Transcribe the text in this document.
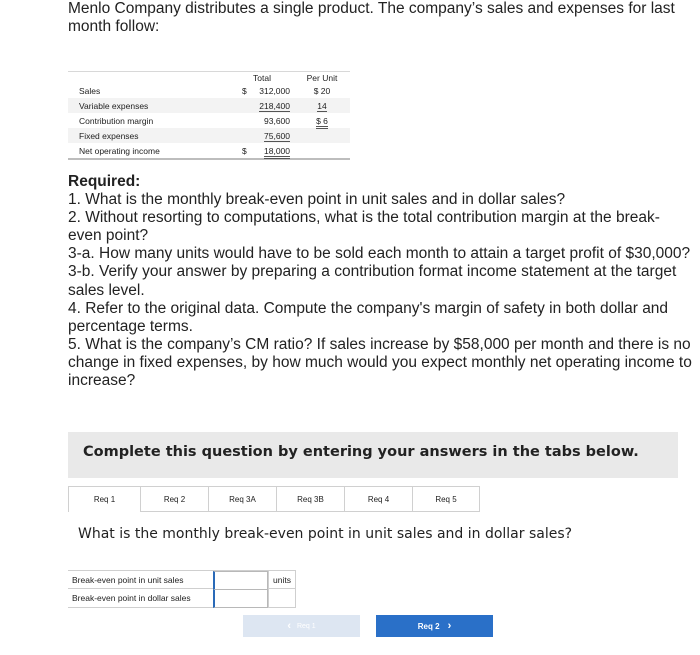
Menlo Company distributes a single product. The company’s sales and expenses for last month follow:
Total	Per Unit
Sales	$ 312,000	$ 20
Variable expenses	218,400	14
Contribution margin	93,600	$ 6
Fixed expenses	75,600
Net operating income	$ 18,000
Required:
1. What is the monthly break-even point in unit sales and in dollar sales?
2. Without resorting to computations, what is the total contribution margin at the break-even point?
3-a. How many units would have to be sold each month to attain a target profit of $30,000?
3-b. Verify your answer by preparing a contribution format income statement at the target sales level.
4. Refer to the original data. Compute the company's margin of safety in both dollar and percentage terms.
5. What is the company’s CM ratio? If sales increase by $58,000 per month and there is no change in fixed expenses, by how much would you expect monthly net operating income to increase?
Complete this question by entering your answers in the tabs below.
Req 1	Req 2	Req 3A	Req 3B	Req 4	Req 5
What is the monthly break-even point in unit sales and in dollar sales?
Break-even point in unit sales	units
Break-even point in dollar sales
‹ Req 1	Req 2 ›
